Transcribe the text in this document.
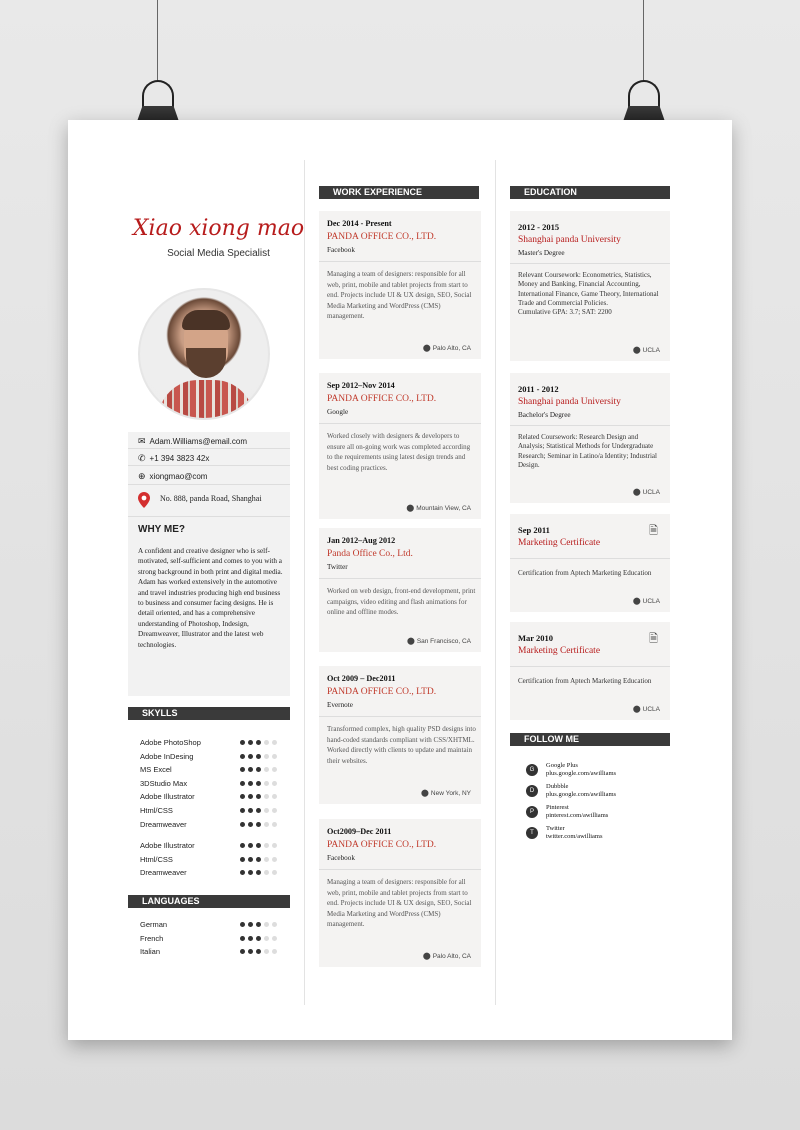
Xiao xiong mao
Social Media Specialist
✉ Adam.Williams@email.com
✆ +1 394 3823 42x
⊕ xiongmao@com
No. 888, panda Road, Shanghai
WHY ME?
A confident and creative designer who is self-motivated, self-sufficient and comes to you with a strong background in both print and digital media. Adam has worked extensively in the automotive and travel industries producing high end business to business and consumer facing designs. He is detail oriented, and has a comprehensive understanding of Photoshop, Indesign, Dreamweaver, Illustrator and the latest web technologies.
SKYLLS
Adobe PhotoShop
Adobe InDesing
MS Excel
3DStudio Max
Adobe Illustrator
Html/CSS
Dreamweaver
Adobe Illustrator
Html/CSS
Dreamweaver
LANGUAGES
German
French
Italian
WORK EXPERIENCE
Dec 2014 - Present
PANDA OFFICE CO., LTD.
Facebook
Managing a team of designers: responsible for all web, print, mobile and tablet projects from start to end. Projects include UI & UX design, SEO, Social Media Marketing and WordPress (CMS) management.
⬤ Palo Alto, CA
Sep 2012–Nov 2014
PANDA OFFICE CO., LTD.
Google
Worked closely with designers & developers to ensure all on-going work was completed according to the requirements using latest design trends and best coding practices.
⬤ Mountain View, CA
Jan 2012–Aug 2012
Panda Office Co., Ltd.
Twitter
Worked on web design, front-end development, print campaigns, video editing and flash animations for online and offline modes.
⬤ San Francisco, CA
Oct 2009 – Dec2011
PANDA OFFICE CO., LTD.
Evernote
Transformed complex, high quality PSD designs into hand-coded standards compliant with CSS/XHTML. Worked directly with clients to update and maintain their websites.
⬤ New York, NY
Oct2009–Dec 2011
PANDA OFFICE CO., LTD.
Facebook
Managing a team of designers: responsible for all web, print, mobile and tablet projects from start to end. Projects include UI & UX design, SEO, Social Media Marketing and WordPress (CMS) management.
⬤ Palo Alto, CA
EDUCATION
2012 - 2015
Shanghai panda University
Master's Degree
Relevant Coursework: Econometrics, Statistics, Money and Banking, Financial Accounting, International Finance, Game Theory, International Trade and Commercial Policies.
Cumulative GPA: 3.7; SAT: 2200
⬤ UCLA
2011 - 2012
Shanghai panda University
Bachelor's Degree
Related Coursework: Research Design and Analysis; Statistical Methods for Undergraduate Research; Seminar in Latino/a Identity; Industrial Design.
⬤ UCLA
Sep 2011
Marketing Certificate
🗎
Certification from Aptech Marketing Education
⬤ UCLA
Mar 2010
Marketing Certificate
🗎
Certification from Aptech Marketing Education
⬤ UCLA
FOLLOW ME
G
Google Plus
plus.google.com/awilliams
D
Dubbble
plus.google.com/awilliams
P
Pinterest
pinterest.com/awilliams
T
Twitter
twitter.com/awilliams
